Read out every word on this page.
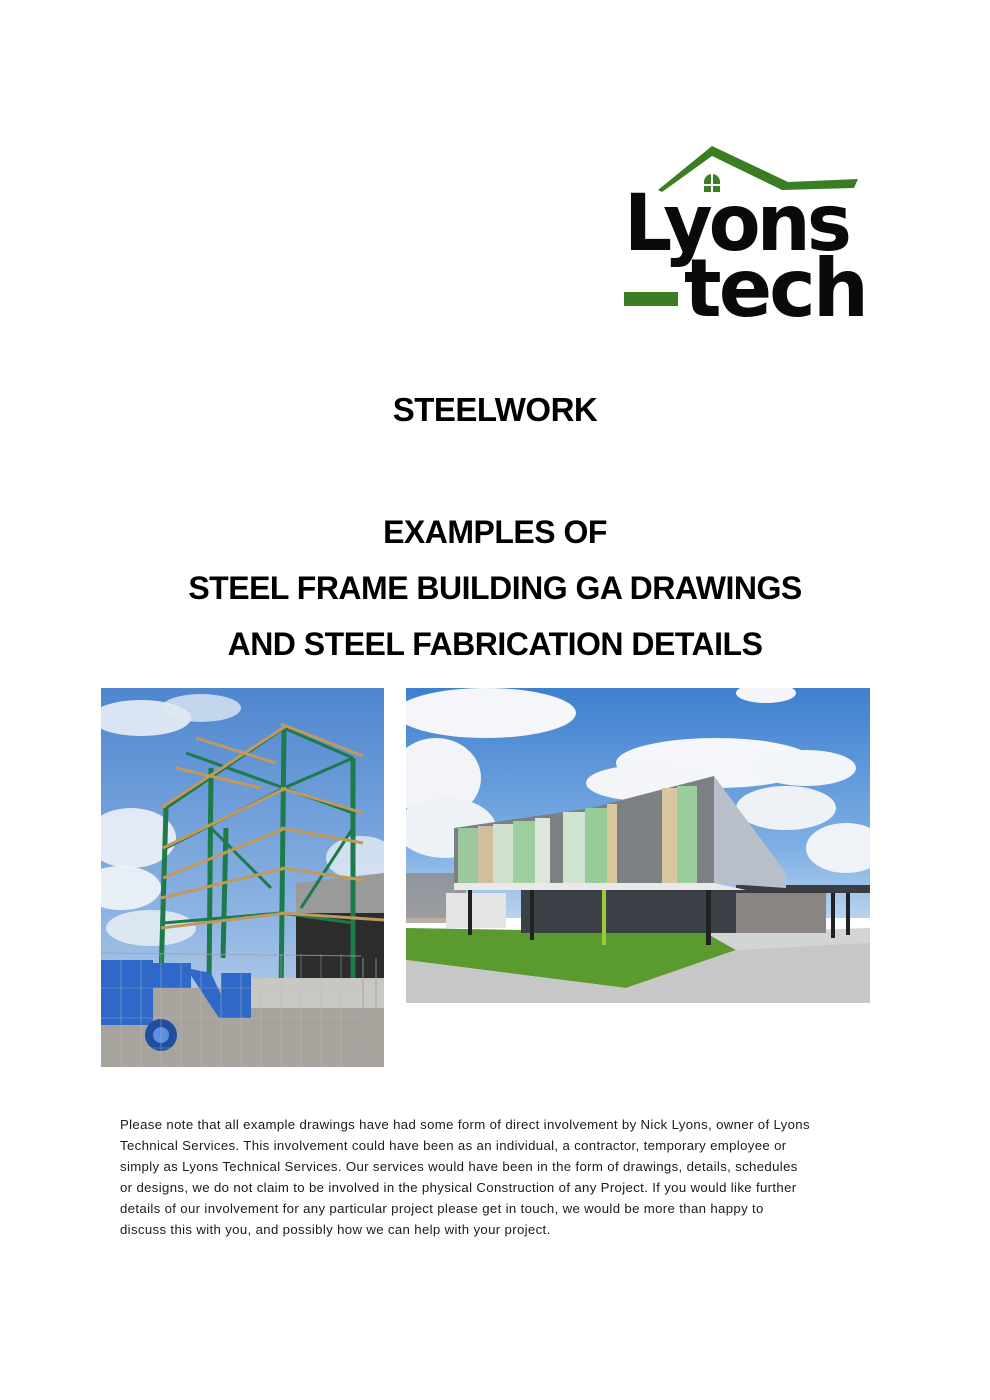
Lyons
tech
STEELWORK
EXAMPLES OF
STEEL FRAME BUILDING GA DRAWINGS
AND STEEL FABRICATION DETAILS
Please note that all example drawings have had some form of direct involvement by Nick Lyons, owner of Lyons
Technical Services. This involvement could have been as an individual, a contractor, temporary employee or
simply as Lyons Technical Services. Our services would have been in the form of drawings, details, schedules
or designs, we do not claim to be involved in the physical Construction of any Project. If you would like further
details of our involvement for any particular project please get in touch, we would be more than happy to
discuss this with you, and possibly how we can help with your project.
